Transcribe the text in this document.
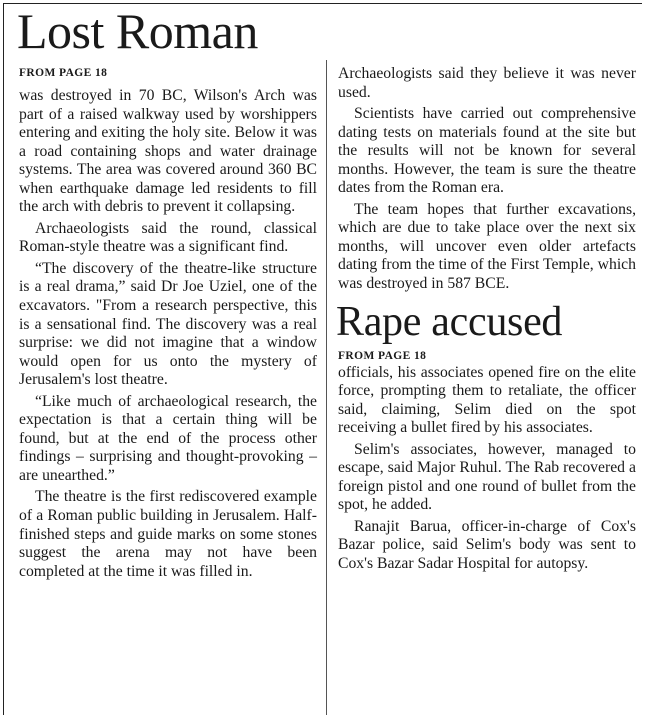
Lost Roman
FROM PAGE 18

was destroyed in 70 BC, Wilson's Arch was part of a raised walkway used by worshippers entering and exiting the holy site. Below it was a road containing shops and water drainage systems. The area was covered around 360 BC when earthquake damage led residents to fill the arch with debris to prevent it collapsing.

Archaeologists said the round, classical Roman-style theatre was a significant find.

“The discovery of the theatre-like structure is a real drama,” said Dr Joe Uziel, one of the excavators. "From a research perspective, this is a sensational find. The discovery was a real surprise: we did not imagine that a window would open for us onto the mystery of Jerusalem's lost theatre.

“Like much of archaeological research, the expectation is that a certain thing will be found, but at the end of the process other findings – surprising and thought-provoking – are unearthed.”

The theatre is the first rediscovered example of a Roman public building in Jerusalem. Half-finished steps and guide marks on some stones suggest the arena may not have been completed at the time it was filled in.

Archaeologists said they believe it was never used.

Scientists have carried out comprehensive dating tests on materials found at the site but the results will not be known for several months. However, the team is sure the theatre dates from the Roman era.

The team hopes that further excavations, which are due to take place over the next six months, will uncover even older artefacts dating from the time of the First Temple, which was destroyed in 587 BCE.

Rape accused
FROM PAGE 18

officials, his associates opened fire on the elite force, prompting them to retaliate, the officer said, claiming, Selim died on the spot receiving a bullet fired by his associates.

Selim's associates, however, managed to escape, said Major Ruhul. The Rab recovered a foreign pistol and one round of bullet from the spot, he added.

Ranajit Barua, officer-in-charge of Cox's Bazar police, said Selim's body was sent to Cox's Bazar Sadar Hospital for autopsy.
